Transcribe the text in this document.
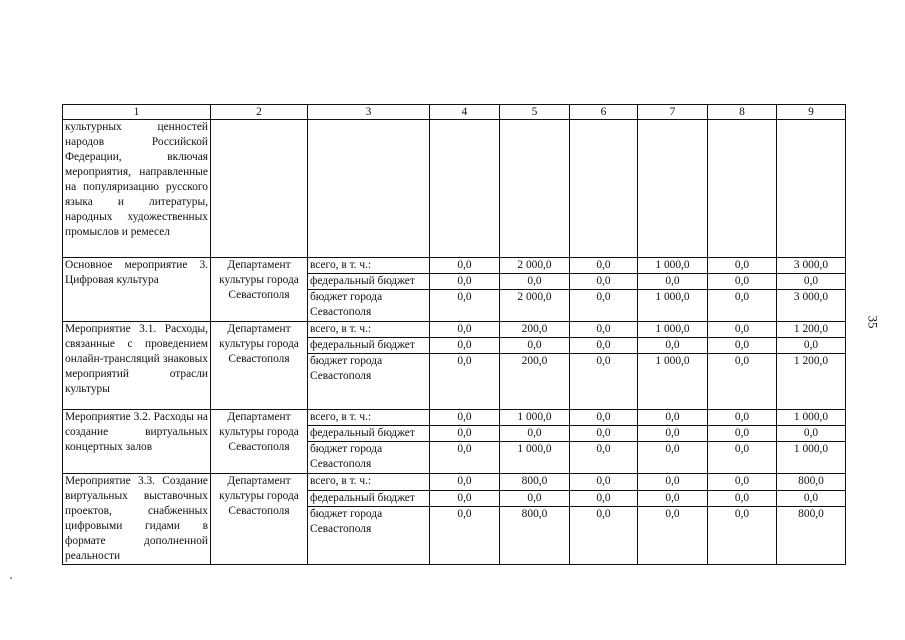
1	2	3	4	5	6	7	8	9
культурных ценностей народов Российской Федерации, включая мероприятия, направленные на популяризацию русского языка и литературы, народных художественных промыслов и ремесел								
Основное мероприятие 3. Цифровая культура	Департамент культуры города Севастополя	всего, в т. ч.:	0,0	2 000,0	0,0	1 000,0	0,0	3 000,0
		федеральный бюджет	0,0	0,0	0,0	0,0	0,0	0,0
		бюджет города Севастополя	0,0	2 000,0	0,0	1 000,0	0,0	3 000,0
Мероприятие 3.1. Расходы, связанные с проведением онлайн-трансляций знаковых мероприятий отрасли культуры	Департамент культуры города Севастополя	всего, в т. ч.:	0,0	200,0	0,0	1 000,0	0,0	1 200,0
		федеральный бюджет	0,0	0,0	0,0	0,0	0,0	0,0
		бюджет города Севастополя	0,0	200,0	0,0	1 000,0	0,0	1 200,0
Мероприятие 3.2. Расходы на создание виртуальных концертных залов	Департамент культуры города Севастополя	всего, в т. ч.:	0,0	1 000,0	0,0	0,0	0,0	1 000,0
		федеральный бюджет	0,0	0,0	0,0	0,0	0,0	0,0
		бюджет города Севастополя	0,0	1 000,0	0,0	0,0	0,0	1 000,0
Мероприятие 3.3. Создание виртуальных выставочных проектов, снабженных цифровыми гидами в формате дополненной реальности	Департамент культуры города Севастополя	всего, в т. ч.:	0,0	800,0	0,0	0,0	0,0	800,0
		федеральный бюджет	0,0	0,0	0,0	0,0	0,0	0,0
		бюджет города Севастополя	0,0	800,0	0,0	0,0	0,0	800,0
35
